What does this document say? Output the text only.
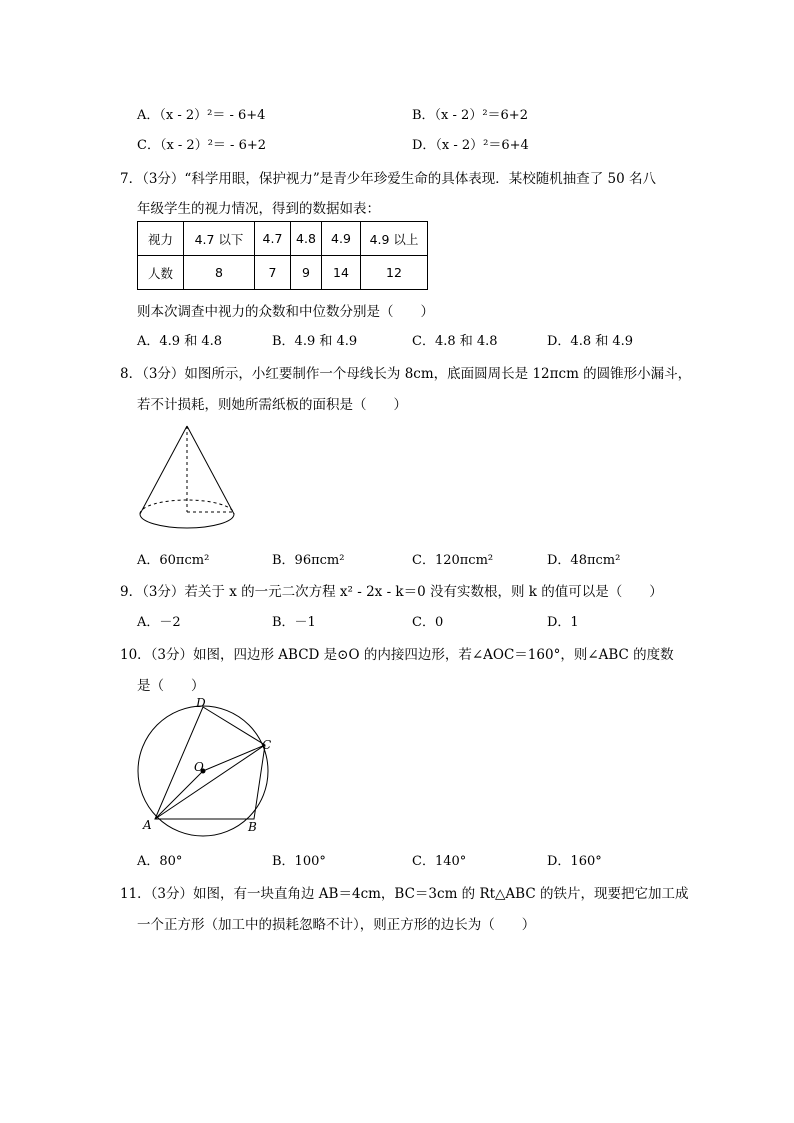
A．（x - 2）²＝ - 6+4	B．（x - 2）²＝6+2
C．（x - 2）²＝ - 6+2	D．（x - 2）²＝6+4
7．（3分）“科学用眼，保护视力”是青少年珍爱生命的具体表现．某校随机抽查了 50 名八
年级学生的视力情况，得到的数据如表：
视力	4.7 以下	4.7	4.8	4.9	4.9 以上
人数	8	7	9	14	12
则本次调查中视力的众数和中位数分别是（　　）
A．4.9 和 4.8	B．4.9 和 4.9	C．4.8 和 4.8	D．4.8 和 4.9
8．（3分）如图所示，小红要制作一个母线长为 8cm，底面圆周长是 12πcm 的圆锥形小漏斗，
若不计损耗，则她所需纸板的面积是（　　）
A．60πcm²	B．96πcm²	C．120πcm²	D．48πcm²
9．（3分）若关于 x 的一元二次方程 x² - 2x - k＝0 没有实数根，则 k 的值可以是（　　）
A．－2	B．－1	C．0	D．1
10．（3分）如图，四边形 ABCD 是⊙O 的内接四边形，若∠AOC＝160°，则∠ABC 的度数
是（　　）
D
C
O
A	B
A．80°	B．100°	C．140°	D．160°
11．（3分）如图，有一块直角边 AB＝4cm，BC＝3cm 的 Rt△ABC 的铁片，现要把它加工成
一个正方形（加工中的损耗忽略不计），则正方形的边长为（　　）
